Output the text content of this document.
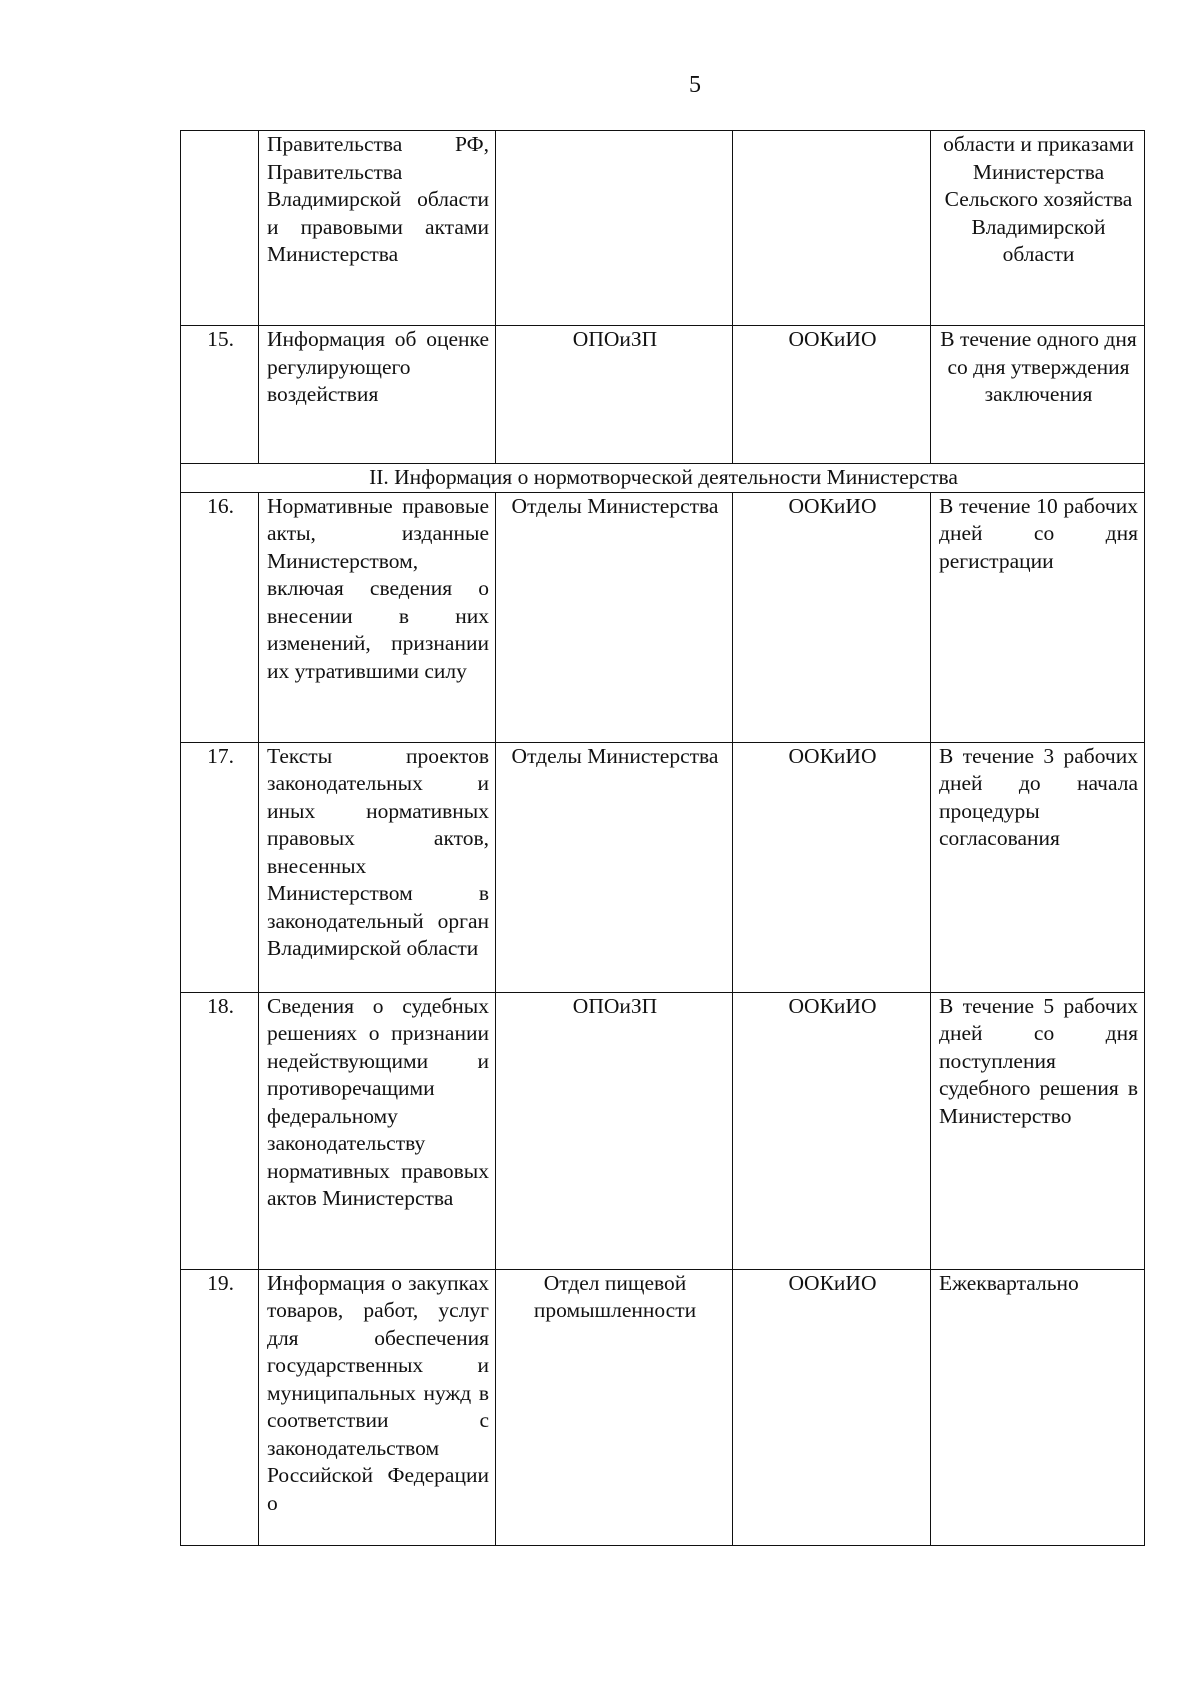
5
	Правительства РФ, Правительства Владимирской области и правовыми актами Министерства			области и приказами Министерства Сельского хозяйства Владимирской области
15.	Информация об оценке регулирующего воздействия	ОПОиЗП	ООКиИО	В течение одного дня со дня утверждения заключения
II. Информация о нормотворческой деятельности Министерства				
16.	Нормативные правовые акты, изданные Министерством, включая сведения о внесении в них изменений, признании их утратившими силу	Отделы Министерства	ООКиИО	В течение 10 рабочих дней со дня регистрации
17.	Тексты проектов законодательных и иных нормативных правовых актов, внесенных Министерством в законодательный орган Владимирской области	Отделы Министерства	ООКиИО	В течение 3 рабочих дней до начала процедуры согласования
18.	Сведения о судебных решениях о признании недействующими и противоречащими федеральному законодательству нормативных правовых актов Министерства	ОПОиЗП	ООКиИО	В течение 5 рабочих дней со дня поступления судебного решения в Министерство
19.	Информация о закупках товаров, работ, услуг для обеспечения государственных и муниципальных нужд в соответствии с законодательством Российской Федерации о	Отдел пищевой промышленности	ООКиИО	Ежеквартально
